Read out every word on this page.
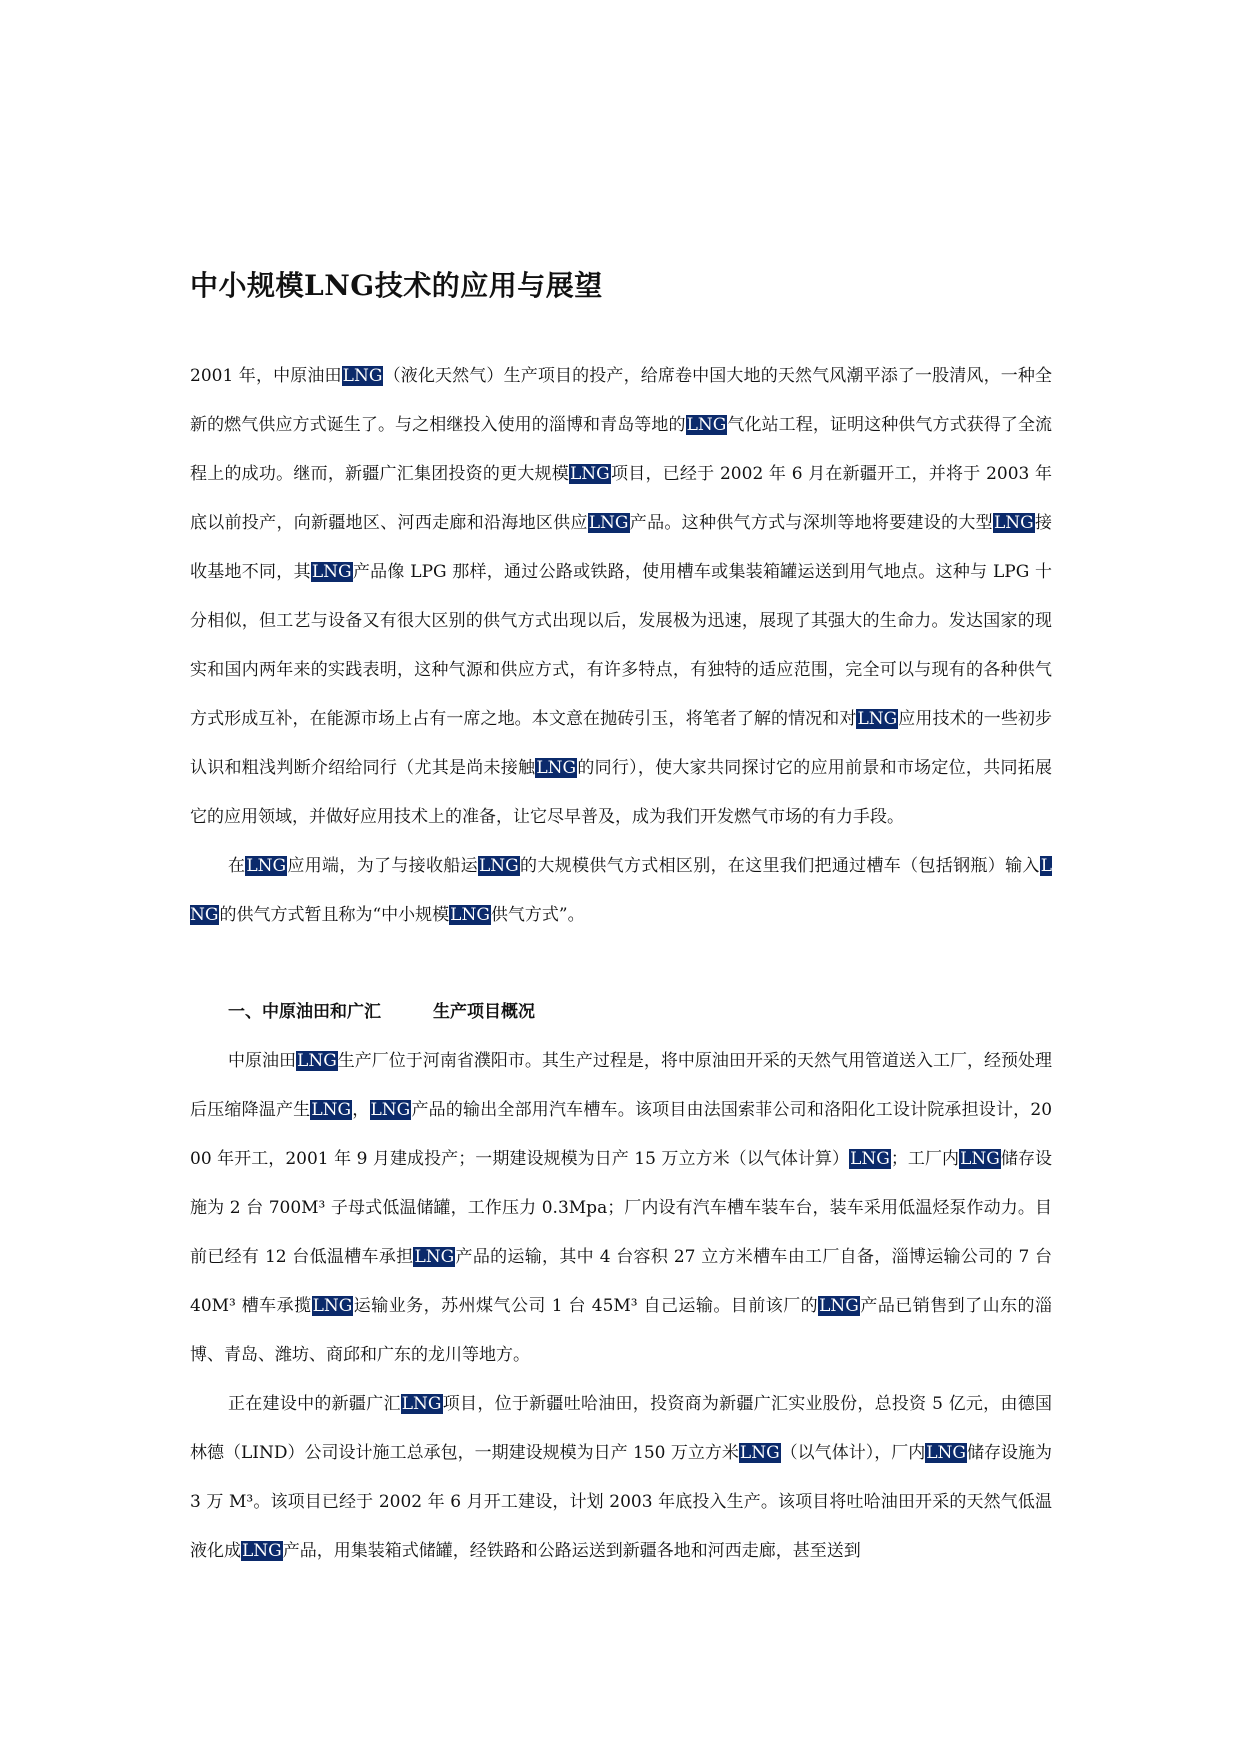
中小规模LNG技术的应用与展望

2001 年，中原油田LNG（液化天然气）生产项目的投产，给席卷中国大地的天然气风潮平添了一股清风，一种全新的燃气供应方式诞生了。与之相继投入使用的淄博和青岛等地的LNG气化站工程，证明这种供气方式获得了全流程上的成功。继而，新疆广汇集团投资的更大规模LNG项目，已经于 2002 年 6 月在新疆开工，并将于 2003 年底以前投产，向新疆地区、河西走廊和沿海地区供应LNG产品。这种供气方式与深圳等地将要建设的大型LNG接收基地不同，其LNG产品像 LPG 那样，通过公路或铁路，使用槽车或集装箱罐运送到用气地点。这种与 LPG 十分相似，但工艺与设备又有很大区别的供气方式出现以后，发展极为迅速，展现了其强大的生命力。发达国家的现实和国内两年来的实践表明，这种气源和供应方式，有许多特点，有独特的适应范围，完全可以与现有的各种供气方式形成互补，在能源市场上占有一席之地。本文意在抛砖引玉，将笔者了解的情况和对LNG应用技术的一些初步认识和粗浅判断介绍给同行（尤其是尚未接触LNG的同行），使大家共同探讨它的应用前景和市场定位，共同拓展它的应用领域，并做好应用技术上的准备，让它尽早普及，成为我们开发燃气市场的有力手段。

在LNG应用端，为了与接收船运LNG的大规模供气方式相区别，在这里我们把通过槽车（包括钢瓶）输入LNG的供气方式暂且称为“中小规模LNG供气方式”。

一、中原油田和广汇	生产项目概况

中原油田LNG生产厂位于河南省濮阳市。其生产过程是，将中原油田开采的天然气用管道送入工厂，经预处理后压缩降温产生LNG，LNG产品的输出全部用汽车槽车。该项目由法国索菲公司和洛阳化工设计院承担设计，2000 年开工，2001 年 9 月建成投产；一期建设规模为日产 15 万立方米（以气体计算）LNG；工厂内LNG储存设施为 2 台 700M³ 子母式低温储罐，工作压力 0.3Mpa；厂内设有汽车槽车装车台，装车采用低温烃泵作动力。目前已经有 12 台低温槽车承担LNG产品的运输，其中 4 台容积 27 立方米槽车由工厂自备，淄博运输公司的 7 台 40M³ 槽车承揽LNG运输业务，苏州煤气公司 1 台 45M³ 自己运输。目前该厂的LNG产品已销售到了山东的淄博、青岛、潍坊、商邱和广东的龙川等地方。

正在建设中的新疆广汇LNG项目，位于新疆吐哈油田，投资商为新疆广汇实业股份，总投资 5 亿元，由德国林德（LIND）公司设计施工总承包，一期建设规模为日产 150 万立方米LNG（以气体计），厂内LNG储存设施为 3 万 M³。该项目已经于 2002 年 6 月开工建设，计划 2003 年底投入生产。该项目将吐哈油田开采的天然气低温液化成LNG产品，用集装箱式储罐，经铁路和公路运送到新疆各地和河西走廊，甚至送到
